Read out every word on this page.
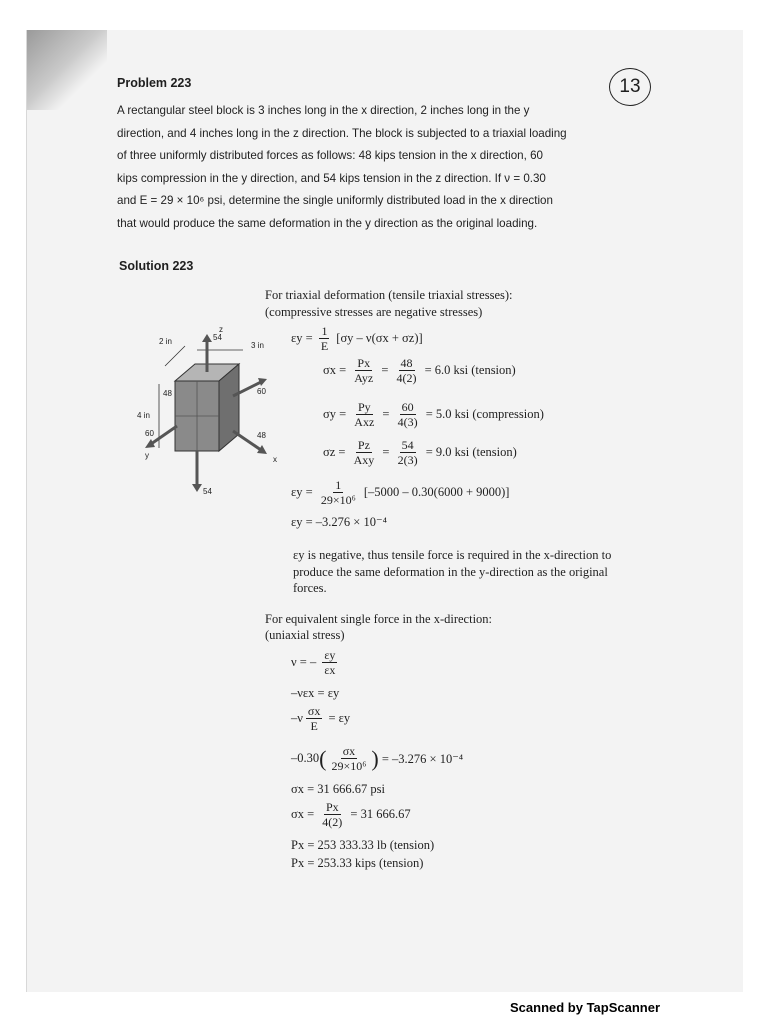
Problem 223	13
A rectangular steel block is 3 inches long in the x direction, 2 inches long in the y
direction, and 4 inches long in the z direction. The block is subjected to a triaxial loading
of three uniformly distributed forces as follows: 48 kips tension in the x direction, 60
kips compression in the y direction, and 54 kips tension in the z direction. If ν = 0.30
and E = 29 × 10⁶ psi, determine the single uniformly distributed load in the x direction
that would produce the same deformation in the y direction as the original loading.
Solution 223
4 in
3 in
2 in	54
54
48
60
60
48
x
y
z
For triaxial deformation (tensile triaxial stresses):
(compressive stresses are negative stresses)
$\varepsilon y = \frac{1}{E} [\sigma y - \nu(\sigma x + \sigma z)]$
$\sigma x = \frac{Px}{\text{Ayz}} = \frac{48}{4(2)} = 6.0$ ksi (tension)
$\sigma y = \frac{Py}{\text{Axz}} = \frac{60}{4(3)} = 5.0$ ksi (compression)
$\sigma z = \frac{Pz}{\text{Axy}} = \frac{54}{2(3)} = 9.0$ ksi (tension)
$\varepsilon y = \frac{1}{\text{29×10⁶}} [-5000 - 0.30(6000 + 9000)]$
εy = –3.276 × 10⁻⁴

εy is negative, thus tensile force is required in the x-direction to produce the same deformation in the y-direction as the original forces.

For equivalent single force in the x-direction:
(uniaxial stress)
ν = – $\frac{\varepsilon y}{\varepsilon x}$
–νεx = εy
$-\nu \frac{\sigma x}{E} = \varepsilon y$
–0.30 ( $\frac{\sigma x}{\text{29×10⁶}}$ ) = –3.276 × 10⁻⁴
σx = 31 666.67 psi
$\sigma x = \frac{Px}{4(2)} = 31$ 666.67
Px = 253 333.33 lb (tension)
Px = 253.33 kips (tension)
Scanned by TapScanner
